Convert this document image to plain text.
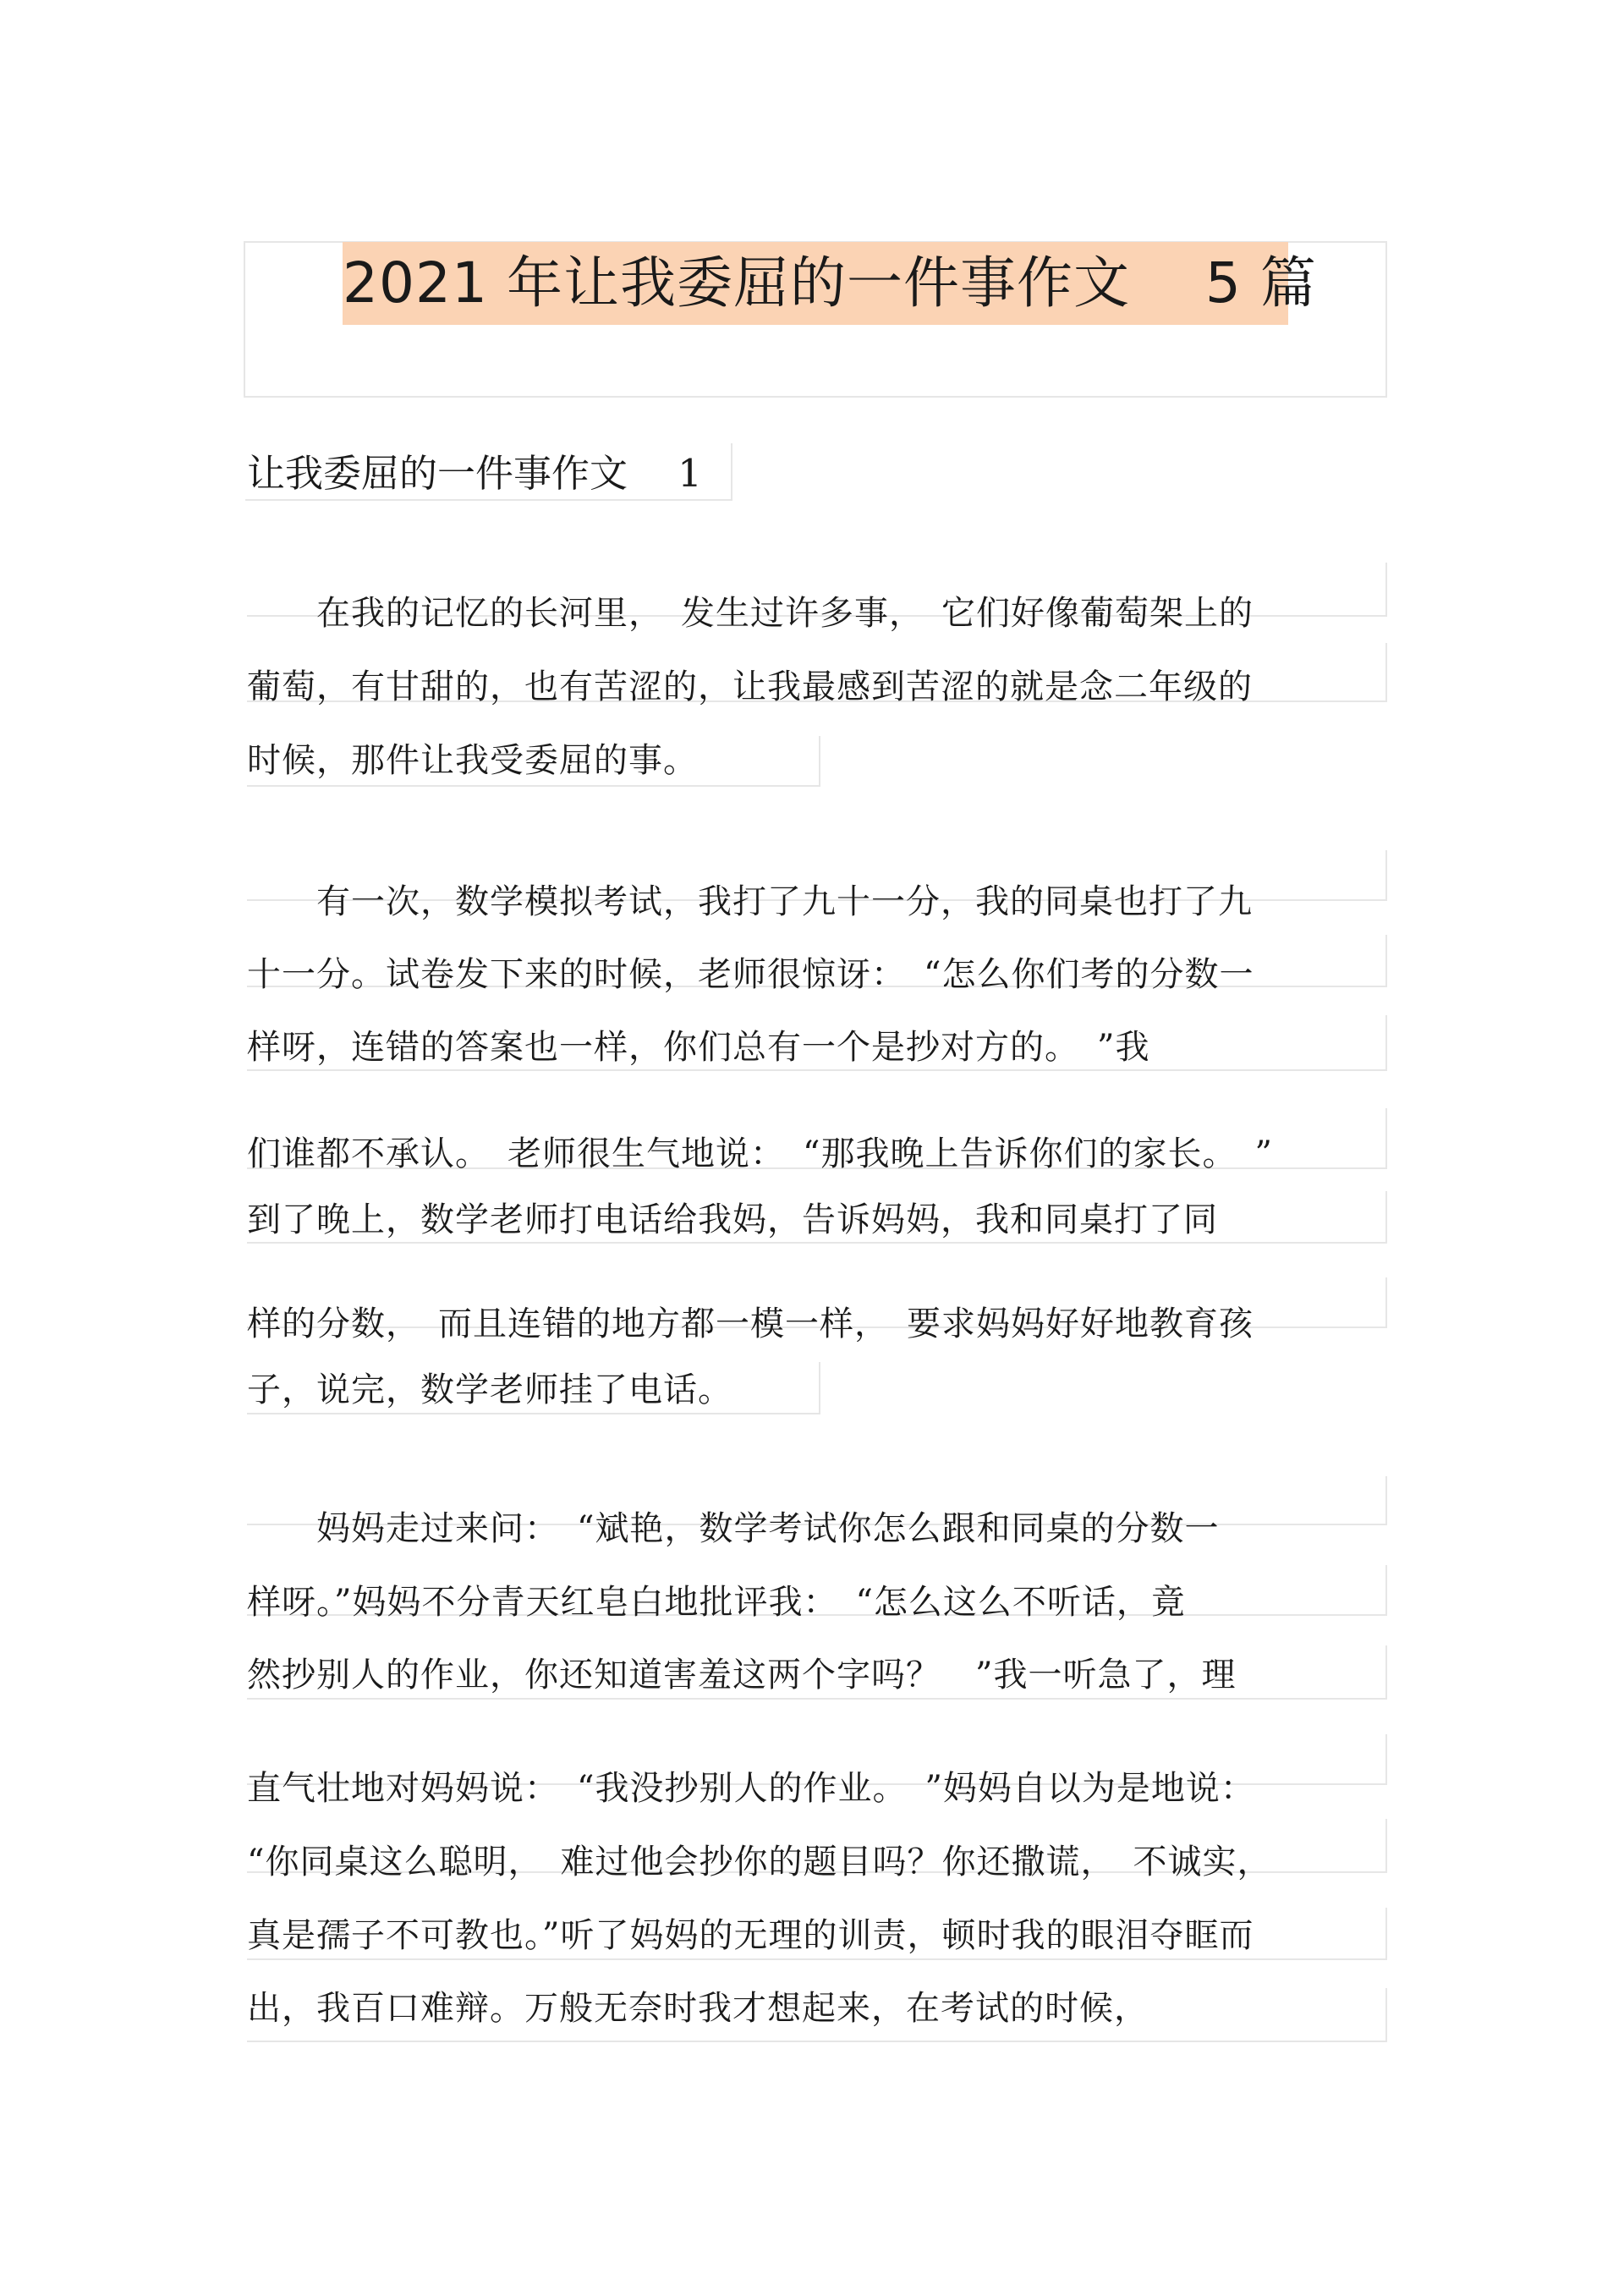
2021 年让我委屈的一件事作文　 5 篇
让我委屈的一件事作文　 1
　　在我的记忆的长河里，　发生过许多事，　它们好像葡萄架上的
葡萄，有甘甜的，也有苦涩的，让我最感到苦涩的就是念二年级的
时候，那件让我受委屈的事。
　　有一次，数学模拟考试，我打了九十一分，我的同桌也打了九
十一分。试卷发下来的时候，老师很惊讶：　“怎么你们考的分数一
样呀，连错的答案也一样，你们总有一个是抄对方的。　”我
们谁都不承认。　老师很生气地说：　“那我晚上告诉你们的家长。　”
到了晚上，数学老师打电话给我妈，告诉妈妈，我和同桌打了同
样的分数，　而且连错的地方都一模一样，　要求妈妈好好地教育孩
子，说完，数学老师挂了电话。
　　妈妈走过来问：　“斌艳，数学考试你怎么跟和同桌的分数一
样呀。”妈妈不分青天红皂白地批评我：　“怎么这么不听话，竟
然抄别人的作业，你还知道害羞这两个字吗？　”我一听急了，理
直气壮地对妈妈说：　“我没抄别人的作业。　”妈妈自以为是地说：
“你同桌这么聪明，　难过他会抄你的题目吗？你还撒谎，　不诚实，
真是孺子不可教也。”听了妈妈的无理的训责，顿时我的眼泪夺眶而
出，我百口难辩。万般无奈时我才想起来，在考试的时候，
